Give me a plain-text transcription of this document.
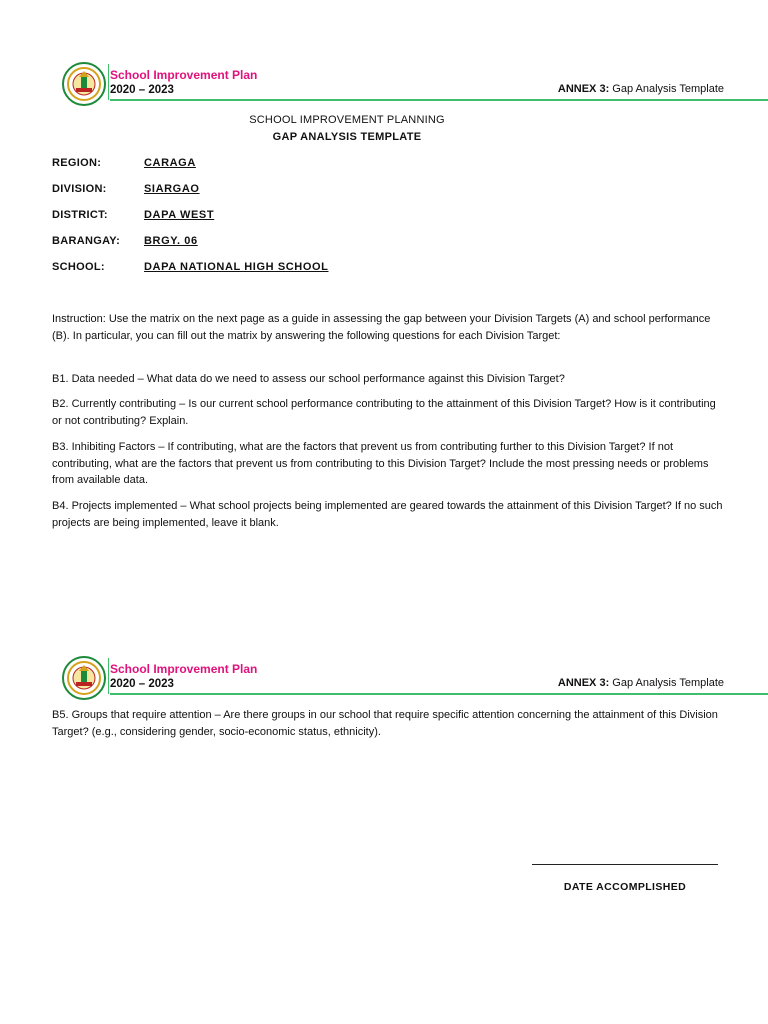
School Improvement Plan
2020 – 2023	ANNEX 3: Gap Analysis Template
SCHOOL IMPROVEMENT PLANNING
GAP ANALYSIS TEMPLATE
REGION:	CARAGA
DIVISION:	SIARGAO
DISTRICT:	DAPA WEST
BARANGAY: BRGY. 06
SCHOOL:	DAPA NATIONAL HIGH SCHOOL
Instruction: Use the matrix on the next page as a guide in assessing the gap between your Division Targets (A) and school performance (B). In particular, you can fill out the matrix by answering the following questions for each Division Target:
B1. Data needed – What data do we need to assess our school performance against this Division Target?
B2. Currently contributing – Is our current school performance contributing to the attainment of this Division Target? How is it contributing or not contributing? Explain.
B3. Inhibiting Factors – If contributing, what are the factors that prevent us from contributing further to this Division Target? If not contributing, what are the factors that prevent us from contributing to this Division Target? Include the most pressing needs or problems from available data.
B4. Projects implemented – What school projects being implemented are geared towards the attainment of this Division Target? If no such projects are being implemented, leave it blank.
School Improvement Plan
2020 – 2023	ANNEX 3: Gap Analysis Template
B5. Groups that require attention – Are there groups in our school that require specific attention concerning the attainment of this Division Target? (e.g., considering gender, socio-economic status, ethnicity).
DATE ACCOMPLISHED
